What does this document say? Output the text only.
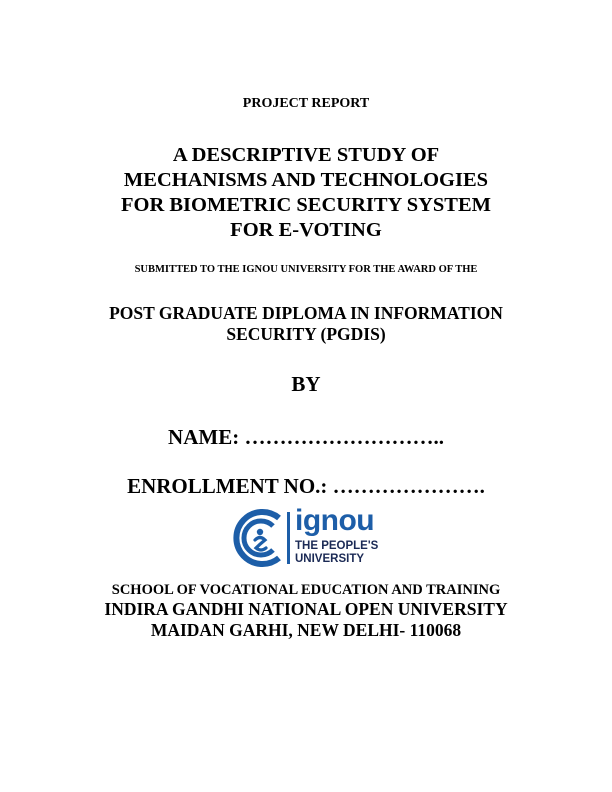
PROJECT REPORT
A DESCRIPTIVE STUDY OF
MECHANISMS AND TECHNOLOGIES
FOR BIOMETRIC SECURITY SYSTEM
FOR E-VOTING
SUBMITTED TO THE IGNOU UNIVERSITY FOR THE AWARD OF THE
POST GRADUATE DIPLOMA IN INFORMATION
SECURITY (PGDIS)
BY
NAME: ………………………..
ENROLLMENT NO.: ………………….
ignou
THE PEOPLE'S
UNIVERSITY
SCHOOL OF VOCATIONAL EDUCATION AND TRAINING
INDIRA GANDHI NATIONAL OPEN UNIVERSITY
MAIDAN GARHI, NEW DELHI- 110068
